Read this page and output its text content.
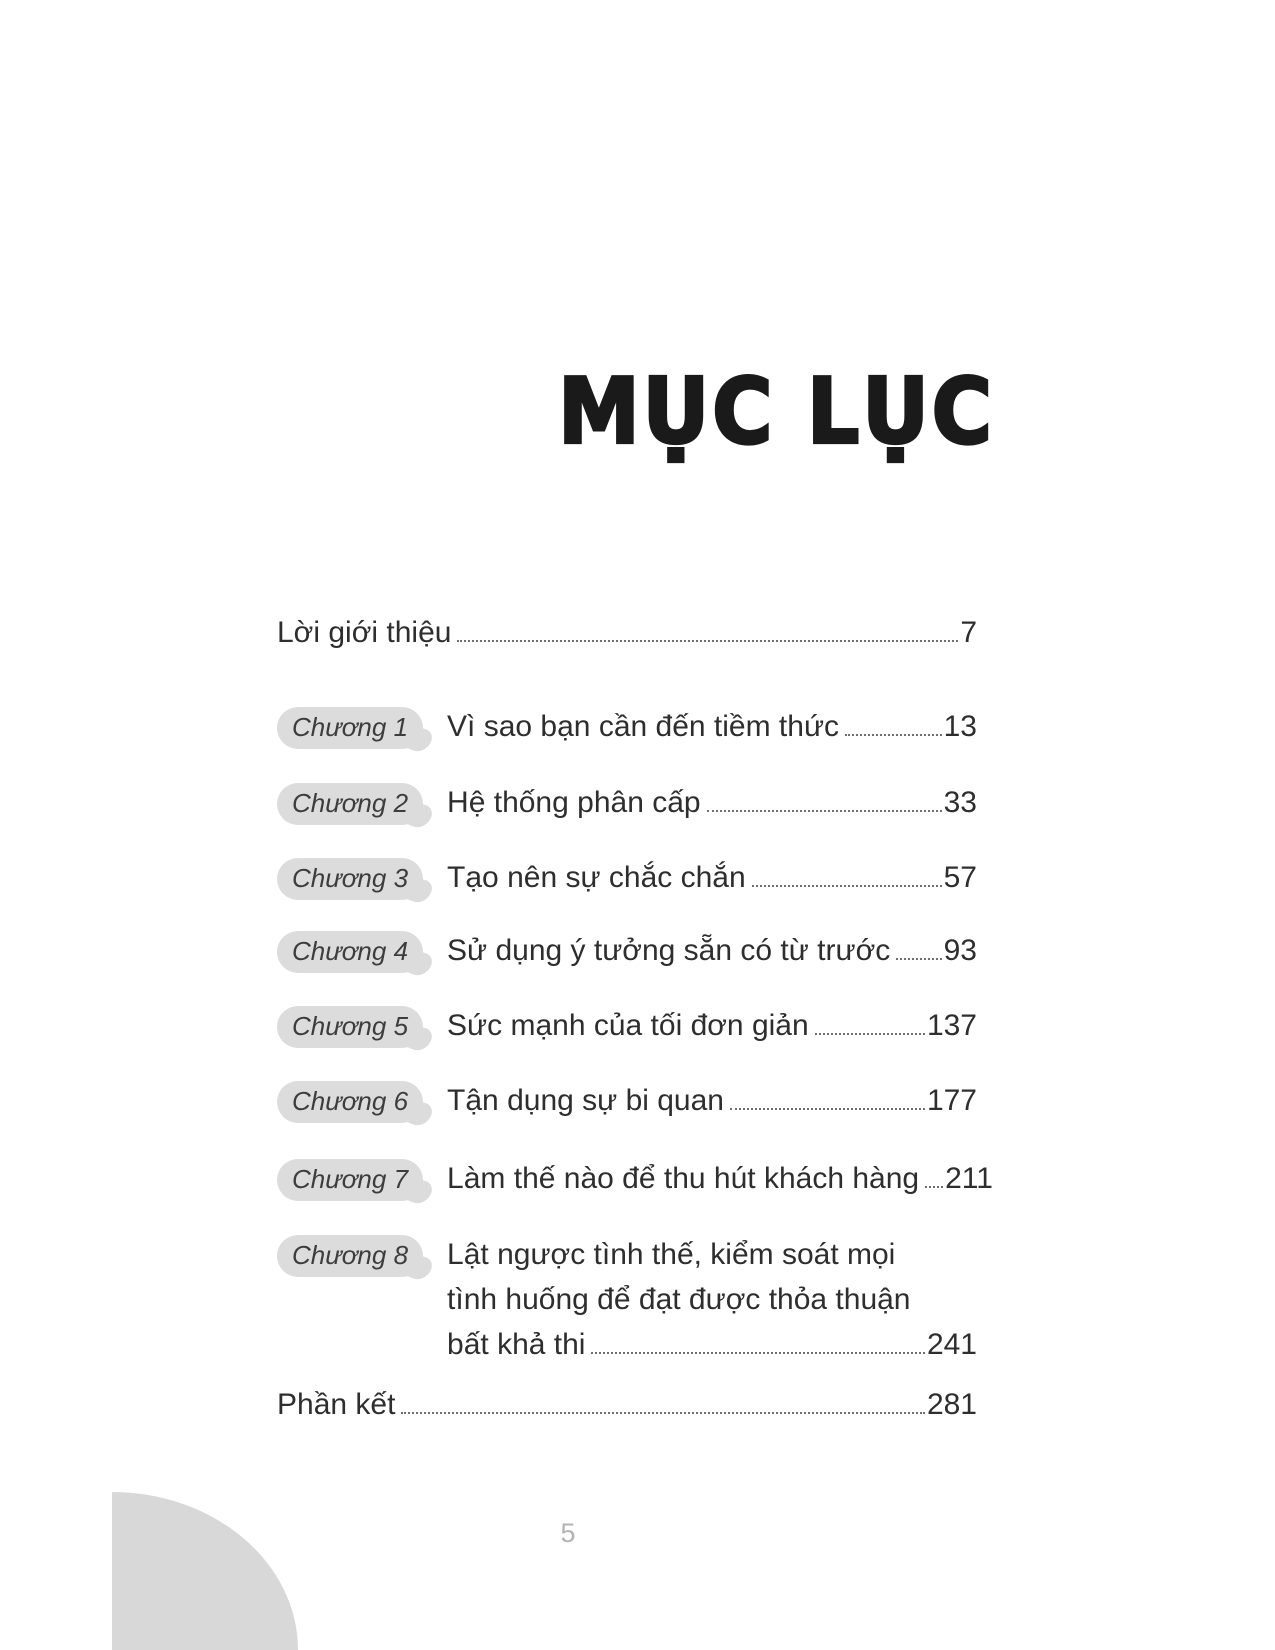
MỤC LỤC
Lời giới thiệu	7
Chương 1	Vì sao bạn cần đến tiềm thức	13
Chương 2	Hệ thống phân cấp	33
Chương 3	Tạo nên sự chắc chắn	57
Chương 4	Sử dụng ý tưởng sẵn có từ trước 93
Chương 5	Sức mạnh của tối đơn giản	137
Chương 6	Tận dụng sự bi quan	177
Chương 7	Làm thế nào để thu hút khách hàng 211
Chương 8	Lật ngược tình thế, kiểm soát mọi
tình huống để đạt được thỏa thuận
bất khả thi	241
Phần kết	281
5
